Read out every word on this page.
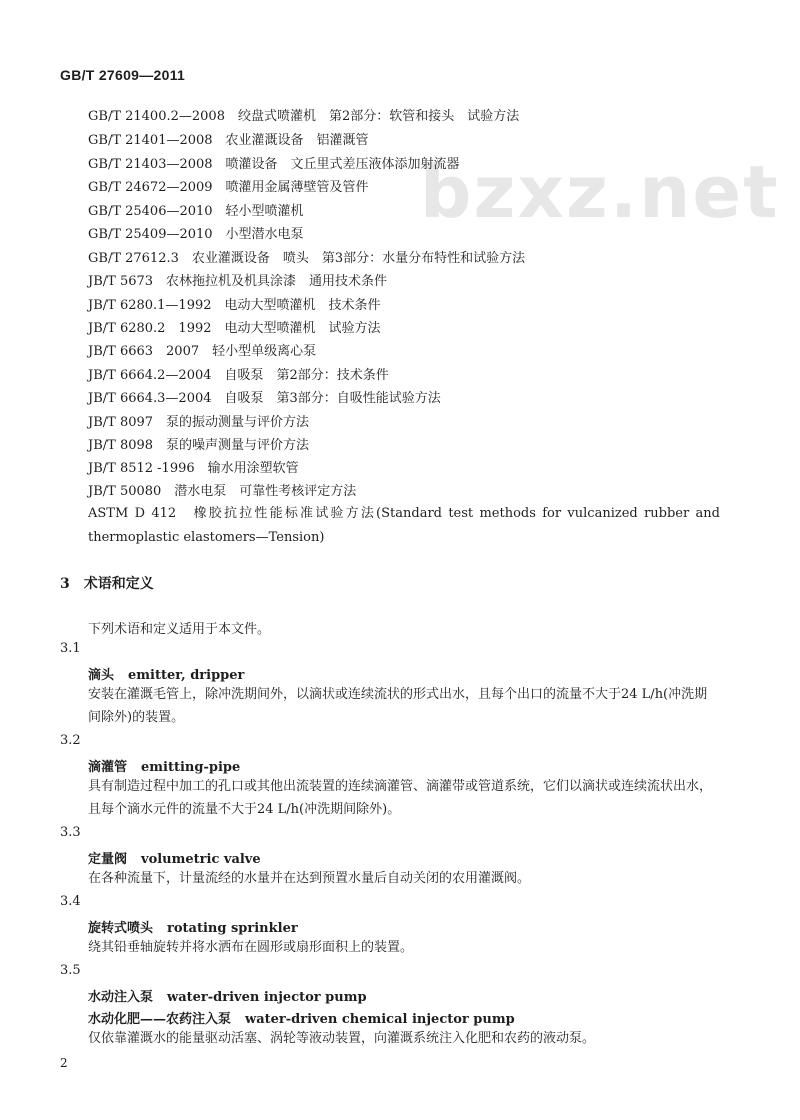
bzxz.net
GB/T 27609—2011
GB/T 21400.2—2008　绞盘式喷灌机　第2部分：软管和接头　试验方法
GB/T 21401—2008　农业灌溉设备　铝灌溉管
GB/T 21403—2008　喷灌设备　文丘里式差压液体添加射流器
GB/T 24672—2009　喷灌用金属薄壁管及管件
GB/T 25406—2010　轻小型喷灌机
GB/T 25409—2010　小型潜水电泵
GB/T 27612.3　农业灌溉设备　喷头　第3部分：水量分布特性和试验方法
JB/T 5673　农林拖拉机及机具涂漆　通用技术条件
JB/T 6280.1—1992　电动大型喷灌机　技术条件
JB/T 6280.2　1992　电动大型喷灌机　试验方法
JB/T 6663　2007　轻小型单级离心泵
JB/T 6664.2—2004　自吸泵　第2部分：技术条件
JB/T 6664.3—2004　自吸泵　第3部分：自吸性能试验方法
JB/T 8097　泵的振动测量与评价方法
JB/T 8098　泵的噪声测量与评价方法
JB/T 8512 -1996　输水用涂塑软管
JB/T 50080　潜水电泵　可靠性考核评定方法
ASTM D 412　橡胶抗拉性能标准试验方法(Standard test methods for vulcanized rubber and thermoplastic elastomers—Tension)
3　术语和定义
下列术语和定义适用于本文件。
3.1
滴头 emitter, dripper
安装在灌溉毛管上，除冲洗期间外，以滴状或连续流状的形式出水，且每个出口的流量不大于24 L/h(冲洗期间除外)的装置。
3.2
滴灌管 emitting-pipe
具有制造过程中加工的孔口或其他出流装置的连续滴灌管、滴灌带或管道系统，它们以滴状或连续流状出水，且每个滴水元件的流量不大于24 L/h(冲洗期间除外)。
3.3
定量阀 volumetric valve
在各种流量下，计量流经的水量并在达到预置水量后自动关闭的农用灌溉阀。
3.4
旋转式喷头 rotating sprinkler
绕其铅垂轴旋转并将水洒布在圆形或扇形面积上的装置。
3.5
水动注入泵 water-driven injector pump
水动化肥——农药注入泵 water-driven chemical injector pump
仅依靠灌溉水的能量驱动活塞、涡轮等液动装置，向灌溉系统注入化肥和农药的液动泵。
2
